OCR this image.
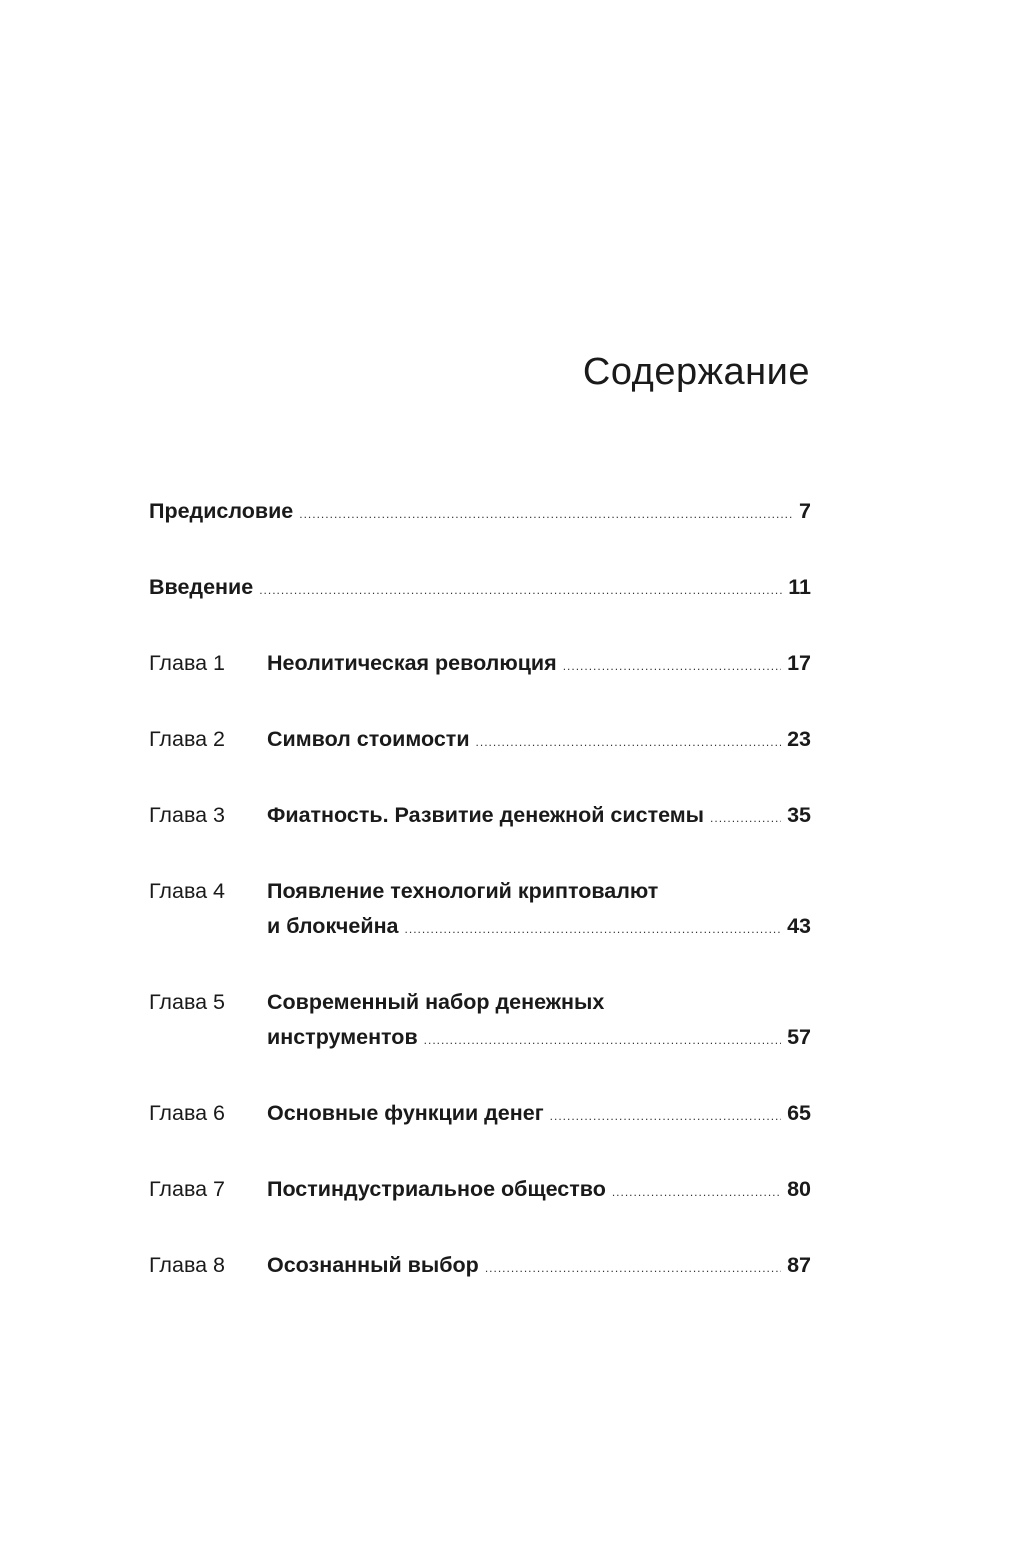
Содержание
Предисловие .....	7
Введение .....	11
Глава 1	Неолитическая революция .....	17
Глава 2	Символ стоимости .....	23
Глава 3	Фиатность. Развитие денежной системы .....	35
Глава 4	Появление технологий криптовалют
и блокчейна .....	43
Глава 5	Современный набор денежных
инструментов .....	57
Глава 6	Основные функции денег .....	65
Глава 7	Постиндустриальное общество .....	80
Глава 8	Осознанный выбор .....	87
